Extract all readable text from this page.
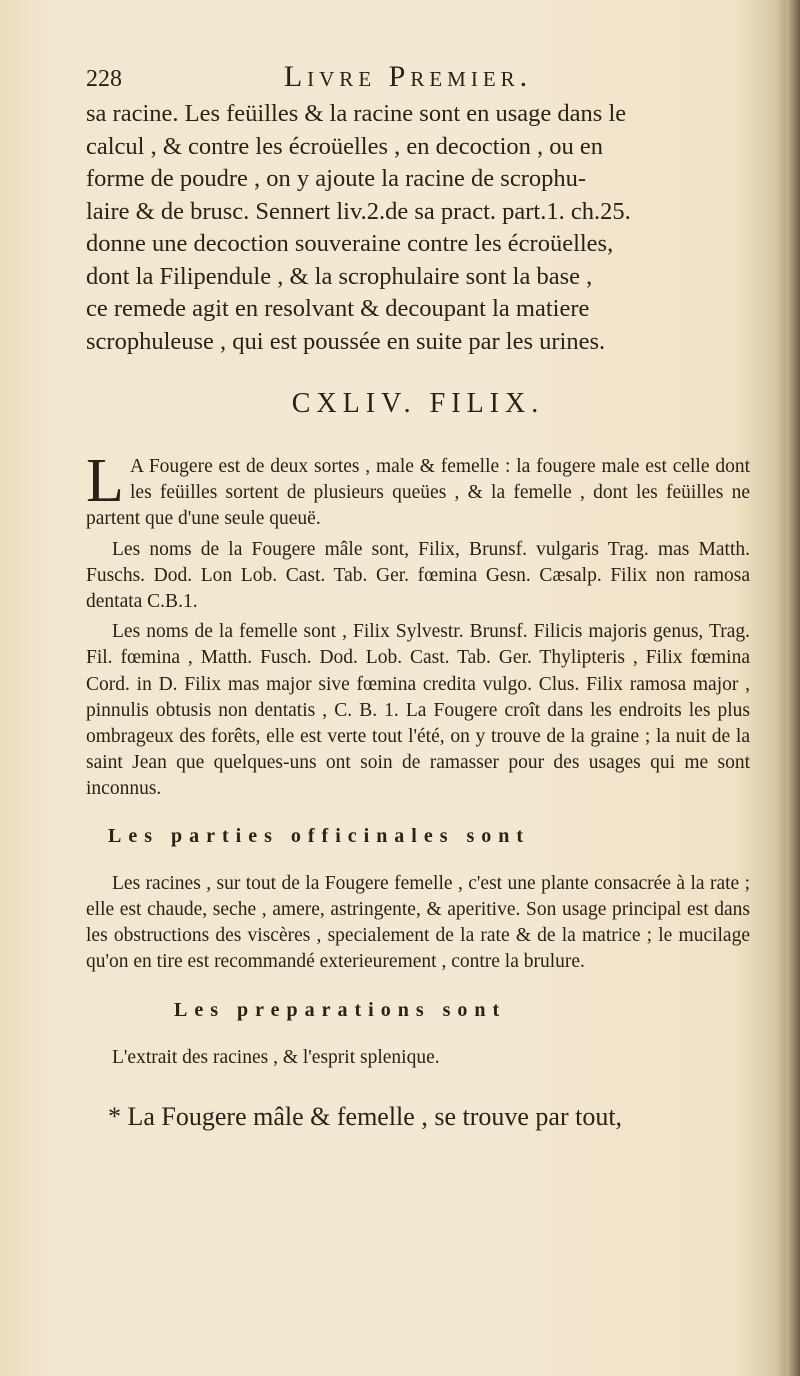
228	Livre Premier.

sa racine. Les feüilles & la racine sont en usage dans le

calcul , & contre les écroüelles , en decoction , ou en

forme de poudre , on y ajoute la racine de scrophu-

laire & de brusc. Sennert liv.2.de sa pract. part.1. ch.25.

donne une decoction souveraine contre les écroüelles,

dont la Filipendule , & la scrophulaire sont la base ,

ce remede agit en resolvant & decoupant la matiere

scrophuleuse , qui est poussée en suite par les urines.

CXLIV. FILIX.

L A Fougere est de deux sortes , male & femelle : la fougere male est celle dont les feüilles sortent de plusieurs queües , & la femelle , dont les feüilles ne partent que d'une seule queuë.

Les noms de la Fougere mâle sont, Filix, Brunsf. vulgaris Trag. mas Matth. Fuschs. Dod. Lon Lob. Cast. Tab. Ger. fœmina Gesn. Cæsalp. Filix non ramosa dentata C.B.1.

Les noms de la femelle sont , Filix Sylvestr. Brunsf. Filicis majoris genus, Trag. Fil. fœmina , Matth. Fusch. Dod. Lob. Cast. Tab. Ger. Thylipteris , Filix fœmina Cord. in D. Filix mas major sive fœmina credita vulgo. Clus. Filix ramosa major , pinnulis obtusis non dentatis , C. B. 1. La Fougere croît dans les endroits les plus ombrageux des forêts, elle est verte tout l'été, on y trouve de la graine ; la nuit de la saint Jean que quelques-uns ont soin de ramasser pour des usages qui me sont inconnus.

Les parties officinales sont

Les racines , sur tout de la Fougere femelle , c'est une plante consacrée à la rate ; elle est chaude, seche , amere, astringente, & aperitive. Son usage principal est dans les obstructions des viscères , specialement de la rate & de la matrice ; le mucilage qu'on en tire est recommandé exterieurement , contre la brulure.

Les preparations sont

L'extrait des racines , & l'esprit splenique.

* La Fougere mâle & femelle , se trouve par tout,
